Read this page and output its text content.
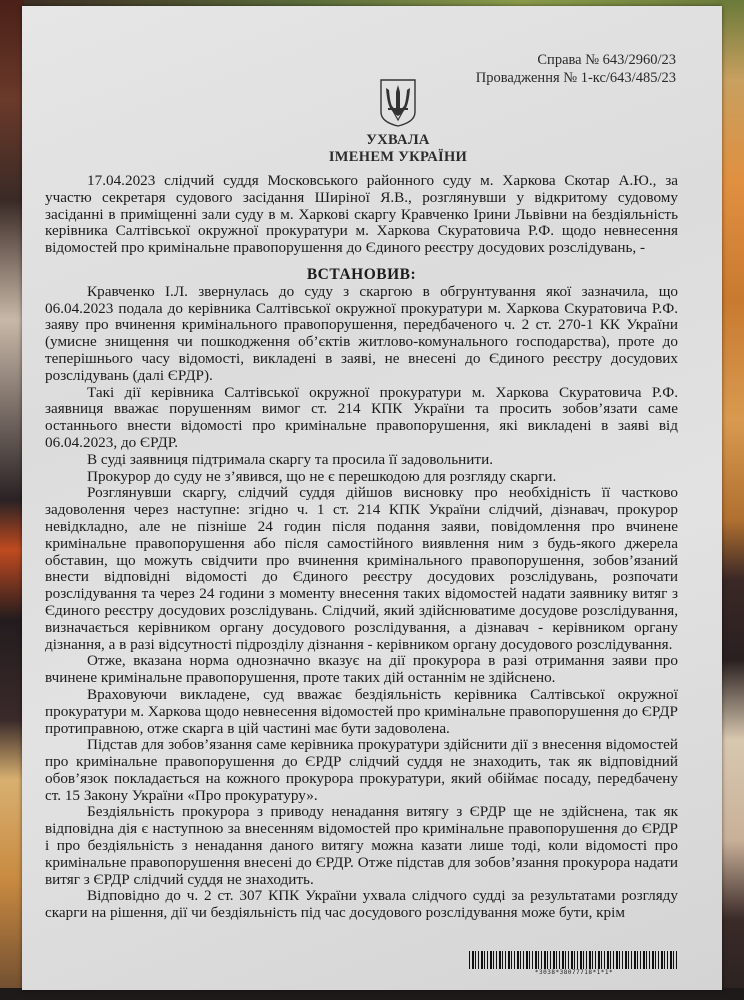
Справа № 643/2960/23
Провадження № 1-кс/643/485/23
УХВАЛА
ІМЕНЕМ УКРАЇНИ

17.04.2023 слідчий суддя Московського районного суду м. Харкова Скотар А.Ю., за участю секретаря судового засідання Ширіної Я.В., розглянувши у відкритому судовому засіданні в приміщенні зали суду в м. Харкові скаргу Кравченко Ірини Львівни на бездіяльність керівника Салтівської окружної прокуратури м. Харкова Скуратовича Р.Ф. щодо невнесення відомостей про кримінальне правопорушення до Єдиного реєстру досудових розслідувань, -

ВСТАНОВИВ:

Кравченко І.Л. звернулась до суду з скаргою в обгрунтування якої зазначила, що 06.04.2023 подала до керівника Салтівської окружної прокуратури м. Харкова Скуратовича Р.Ф. заяву про вчинення кримінального правопорушення, передбаченого ч. 2 ст. 270-1 КК України (умисне знищення чи пошкодження об’єктів житлово-комунального господарства), проте до теперішнього часу відомості, викладені в заяві, не внесені до Єдиного реєстру досудових розслідувань (далі ЄРДР).

Такі дії керівника Салтівської окружної прокуратури м. Харкова Скуратовича Р.Ф. заявниця вважає порушенням вимог ст. 214 КПК України та просить зобов’язати саме останнього внести відомості про кримінальне правопорушення, які викладені в заяві від 06.04.2023, до ЄРДР.

В суді заявниця підтримала скаргу та просила її задовольнити.

Прокурор до суду не з’явився, що не є перешкодою для розгляду скарги.

Розглянувши скаргу, слідчий суддя дійшов висновку про необхідність її частково задоволення через наступне: згідно ч. 1 ст. 214 КПК України слідчий, дізнавач, прокурор невідкладно, але не пізніше 24 годин після подання заяви, повідомлення про вчинене кримінальне правопорушення або після самостійного виявлення ним з будь-якого джерела обставин, що можуть свідчити про вчинення кримінального правопорушення, зобов’язаний внести відповідні відомості до Єдиного реєстру досудових розслідувань, розпочати розслідування та через 24 години з моменту внесення таких відомостей надати заявнику витяг з Єдиного реєстру досудових розслідувань. Слідчий, який здійснюватиме досудове розслідування, визначається керівником органу досудового розслідування, а дізнавач - керівником органу дізнання, а в разі відсутності підрозділу дізнання - керівником органу досудового розслідування.

Отже, вказана норма однозначно вказує на дії прокурора в разі отримання заяви про вчинене кримінальне правопорушення, проте таких дій останнім не здійснено.

Враховуючи викладене, суд вважає бездіяльність керівника Салтівської окружної прокуратури м. Харкова щодо невнесення відомостей про кримінальне правопорушення до ЄРДР протиправною, отже скарга в цій частині має бути задоволена.

Підстав для зобов’язання саме керівника прокуратури здійснити дії з внесення відомостей про кримінальне правопорушення до ЄРДР слідчий суддя не знаходить, так як відповідний обов’язок покладається на кожного прокурора прокуратури, який обіймає посаду, передбачену ст. 15 Закону України «Про прокуратуру».

Бездіяльність прокурора з приводу ненадання витягу з ЄРДР ще не здійснена, так як відповідна дія є наступною за внесенням відомостей про кримінальне правопорушення до ЄРДР і про бездіяльність з ненадання даного витягу можна казати лише тоді, коли відомості про кримінальне правопорушення внесені до ЄРДР. Отже підстав для зобов’язання прокурора надати витяг з ЄРДР слідчий суддя не знаходить.

Відповідно до ч. 2 ст. 307 КПК України ухвала слідчого судді за результатами розгляду скарги на рішення, дії чи бездіяльність під час досудового розслідування може бути, крім

*3038*38077718*1*1*
